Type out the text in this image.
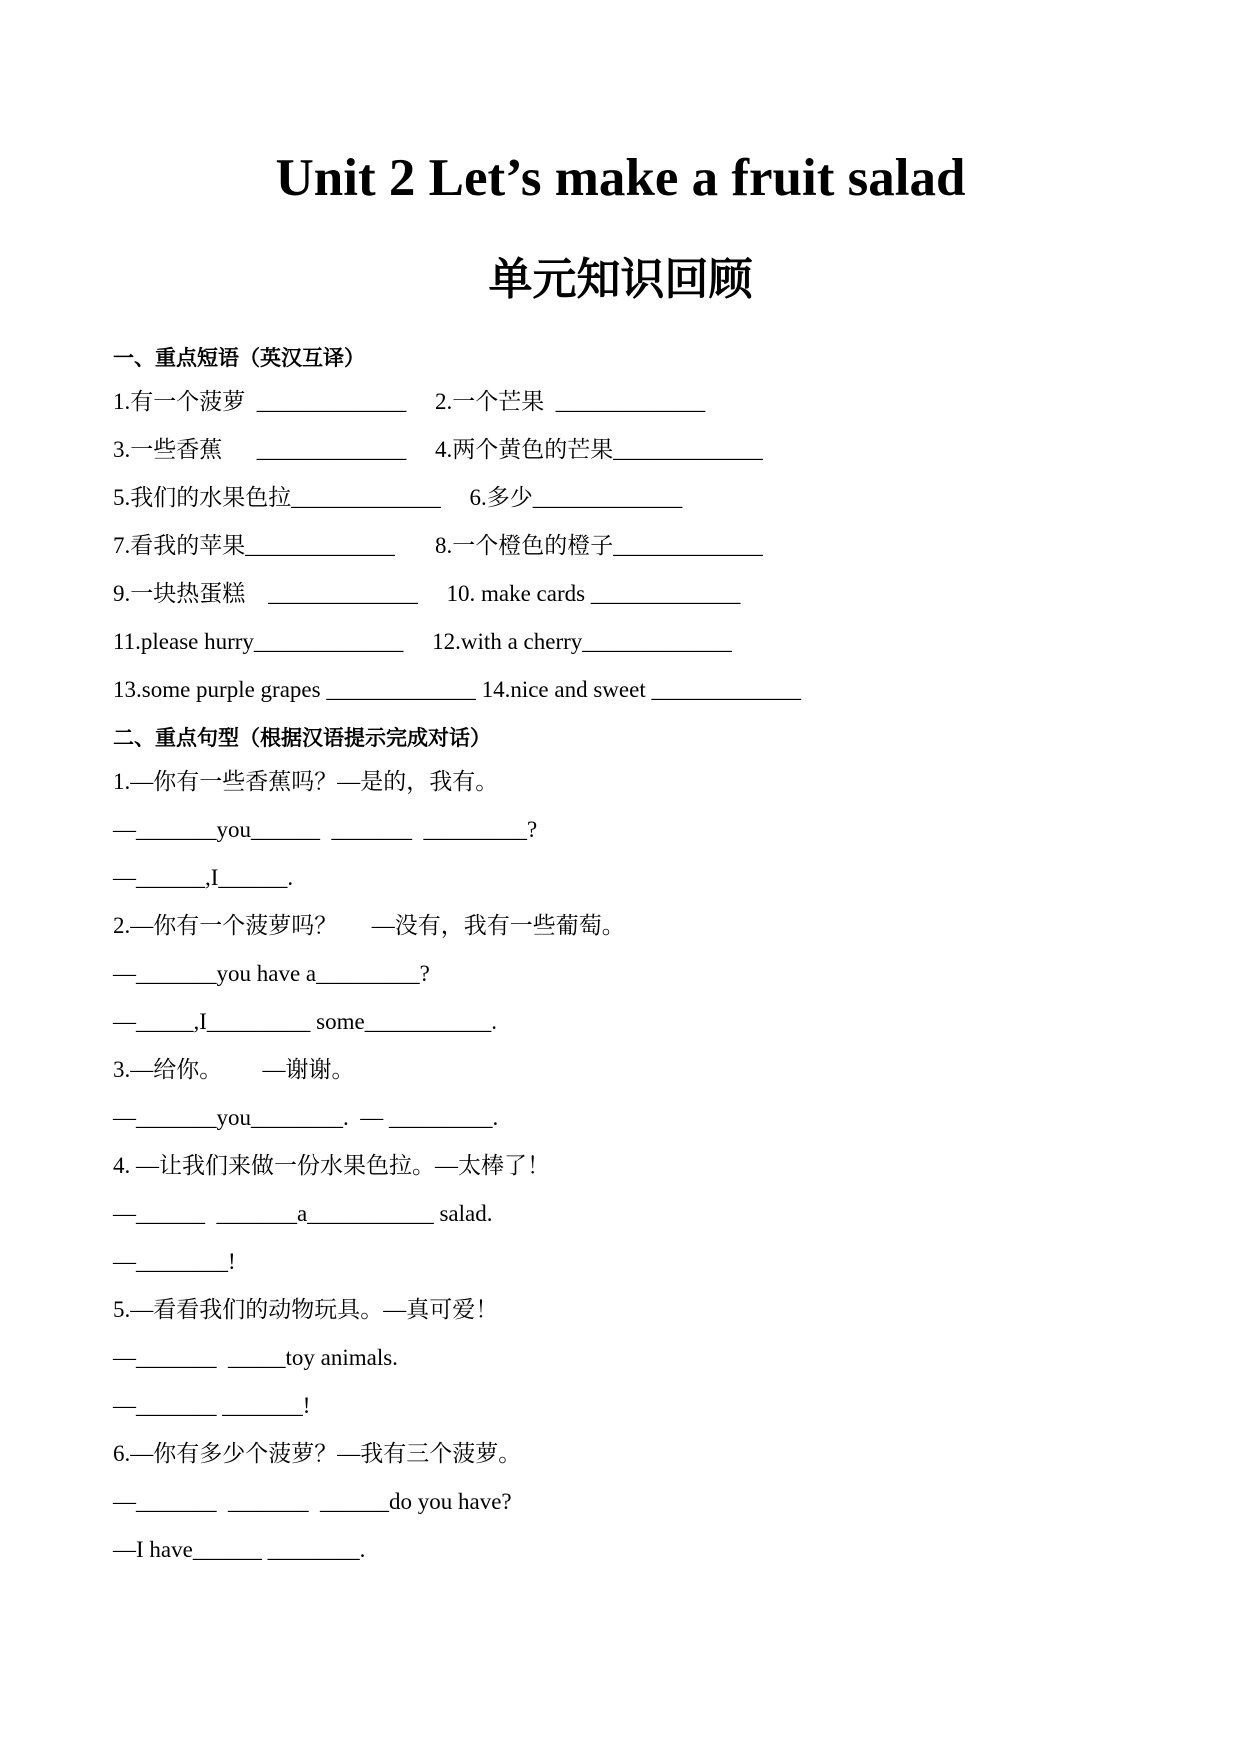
Unit 2 Let’s make a fruit salad
单元知识回顾
一、重点短语（英汉互译）
1.有一个菠萝  _____________     2.一个芒果  _____________
3.一些香蕉      _____________     4.两个黄色的芒果_____________
5.我们的水果色拉_____________     6.多少_____________
7.看我的苹果_____________       8.一个橙色的橙子_____________
9.一块热蛋糕    _____________     10. make cards _____________
11.please hurry_____________     12.with a cherry_____________
13.some purple grapes _____________ 14.nice and sweet _____________
二、重点句型（根据汉语提示完成对话）
1.—你有一些香蕉吗？—是的，我有。
—_______you______  _______  _________?
—______,I______.
2.—你有一个菠萝吗？      —没有，我有一些葡萄。
—_______you have a_________?
—_____,I_________ some___________.
3.—给你。       —谢谢。
—_______you________.  — _________.
4. —让我们来做一份水果色拉。—太棒了！
—______  _______a___________ salad.
—________!
5.—看看我们的动物玩具。—真可爱！
—_______  _____toy animals.
—_______ _______!
6.—你有多少个菠萝？—我有三个菠萝。
—_______  _______  ______do you have?
—I have______ ________.
